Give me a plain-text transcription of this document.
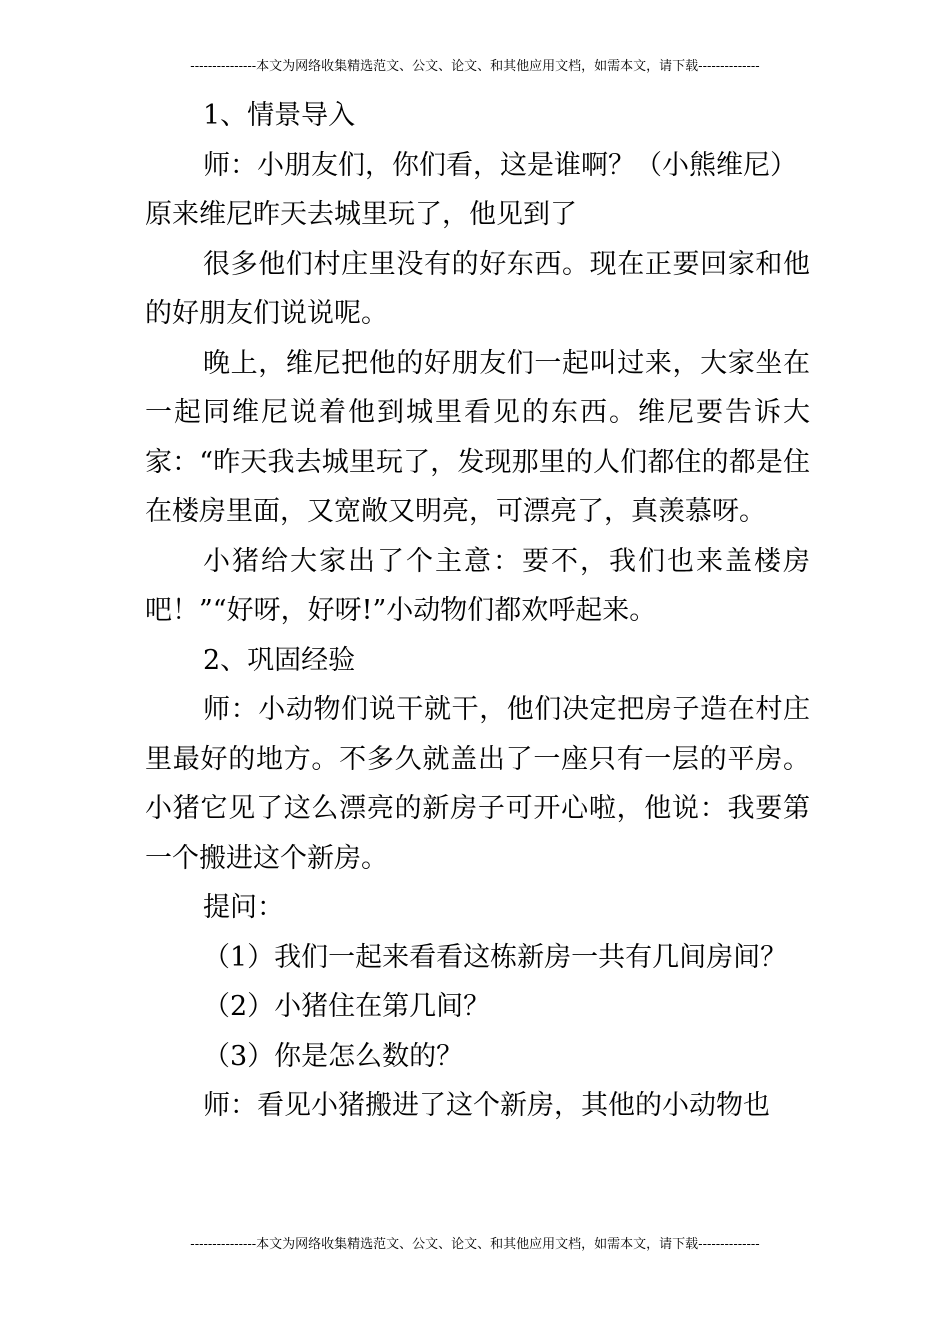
---------------本文为网络收集精选范文、公文、论文、和其他应用文档，如需本文，请下载--------------

1、情景导入

师：小朋友们，你们看，这是谁啊？（小熊维尼）

原来维尼昨天去城里玩了，他见到了

很多他们村庄里没有的好东西。现在正要回家和他的好朋友们说说呢。

晚上，维尼把他的好朋友们一起叫过来，大家坐在一起同维尼说着他到城里看见的东西。维尼要告诉大家：“昨天我去城里玩了，发现那里的人们都住的都是住在楼房里面，又宽敞又明亮，可漂亮了，真羡慕呀。

小猪给大家出了个主意：要不，我们也来盖楼房吧！”“好呀，好呀!”小动物们都欢呼起来。

2、巩固经验

师：小动物们说干就干，他们决定把房子造在村庄里最好的地方。不多久就盖出了一座只有一层的平房。小猪它见了这么漂亮的新房子可开心啦，他说：我要第一个搬进这个新房。

提问：

（1）我们一起来看看这栋新房一共有几间房间？

（2）小猪住在第几间？

（3）你是怎么数的？

师：看见小猪搬进了这个新房，其他的小动物也

---------------本文为网络收集精选范文、公文、论文、和其他应用文档，如需本文，请下载--------------
